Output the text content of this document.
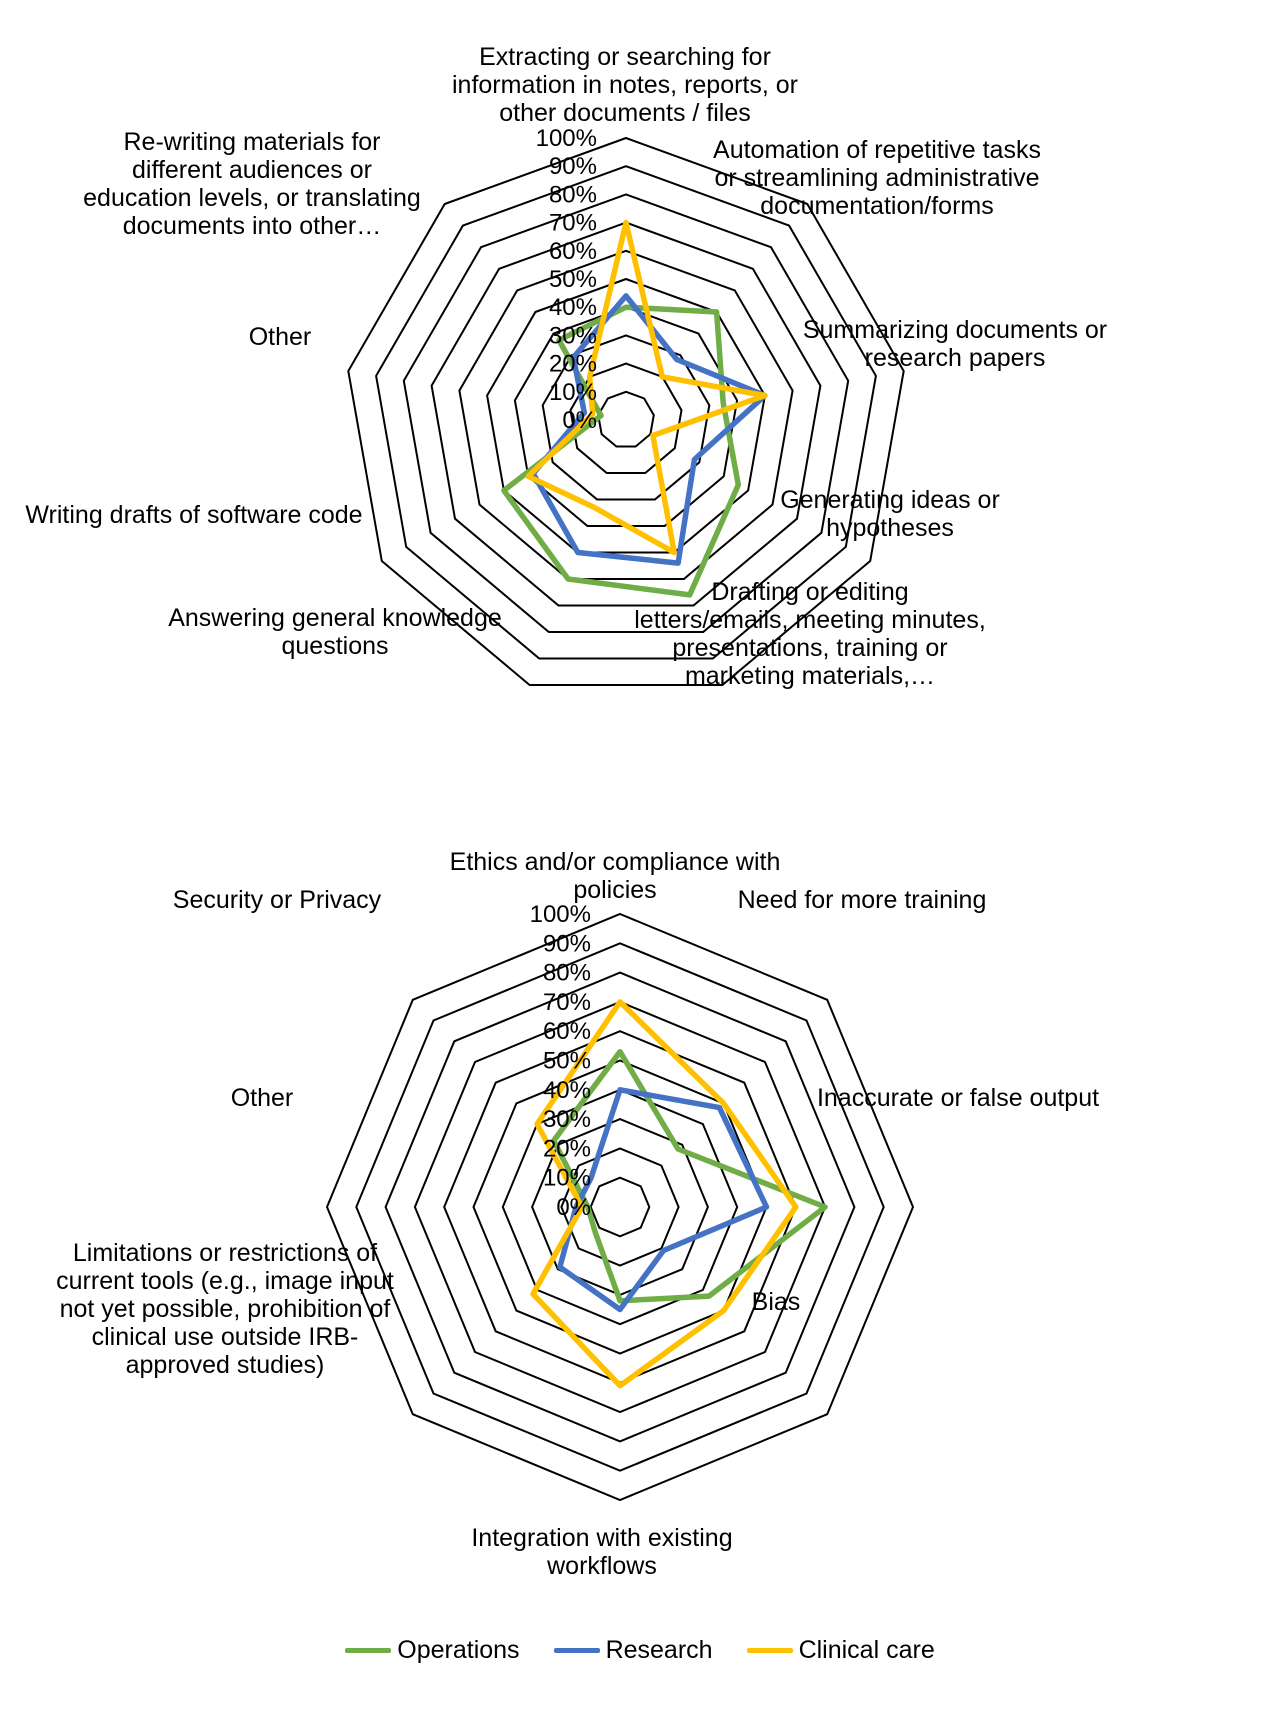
0%
10%
20%
30%
40%
50%
60%
70%
80%
90%
100%
Extracting or searching for information in notes, reports, or other documents / files
Automation of repetitive tasks or streamlining administrative documentation/forms
Summarizing documents or research papers
Generating ideas or hypotheses
Drafting or editing letters/emails, meeting minutes, presentations, training or marketing materials,…
Answering general knowledge questions
Writing drafts of software code
Other
Re-writing materials for different audiences or education levels, or translating documents into other…
0%
10%
20%
30%
40%
50%
60%
70%
80%
90%
100%
Ethics and/or compliance with policies	Need for more training
Inaccurate or false output
Bias
Integration with existing workflows
Limitations or restrictions of current tools (e.g., image input not yet possible, prohibition of clinical use outside IRB-approved studies)
Other
Security or Privacy
Operations	Research	Clinical care
